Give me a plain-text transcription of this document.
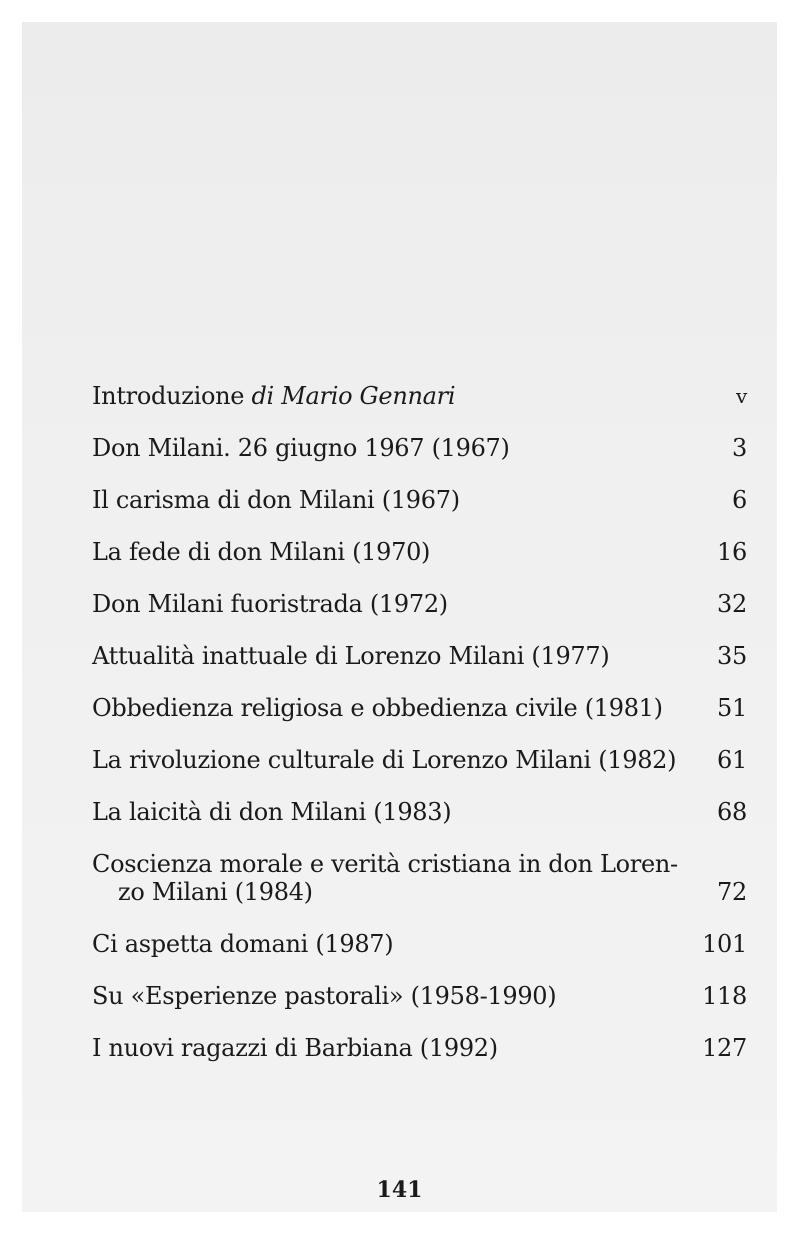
Introduzione di Mario Gennari	v
Don Milani. 26 giugno 1967 (1967)	3
Il carisma di don Milani (1967)	6
La fede di don Milani (1970)	16
Don Milani fuoristrada (1972)	32
Attualità inattuale di Lorenzo Milani (1977)	35
Obbedienza religiosa e obbedienza civile (1981)	51
La rivoluzione culturale di Lorenzo Milani (1982)	61
La laicità di don Milani (1983)	68
Coscienza morale e verità cristiana in don Loren-
zo Milani (1984)	72
Ci aspetta domani (1987)	101
Su «Esperienze pastorali» (1958-1990)	118
I nuovi ragazzi di Barbiana (1992)	127
141
